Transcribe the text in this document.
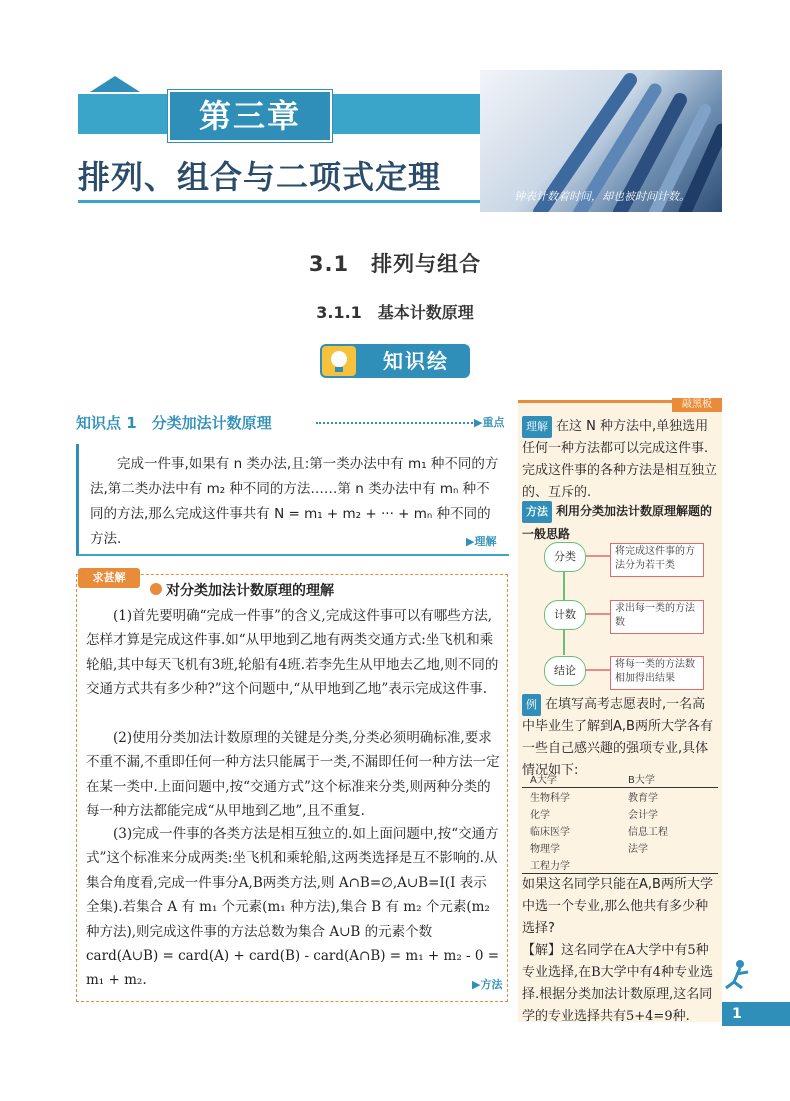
第三章
排列、组合与二项式定理
钟表计数着时间，却也被时间计数。
3.1　排列与组合
3.1.1　基本计数原理
知识绘
知识点 1　分类加法计数原理	▶重点
完成一件事,如果有 n 类办法,且:第一类办法中有 m₁ 种不同的方法,第二类办法中有 m₂ 种不同的方法……第 n 类办法中有 mₙ 种不同的方法,那么完成这件事共有 N = m₁ + m₂ + ··· + mₙ 种不同的方法.	▶理解
求甚解
对分类加法计数原理的理解
(1)首先要明确“完成一件事”的含义,完成这件事可以有哪些方法,怎样才算是完成这件事.如“从甲地到乙地有两类交通方式:坐飞机和乘轮船,其中每天飞机有3班,轮船有4班.若李先生从甲地去乙地,则不同的交通方式共有多少种?”这个问题中,“从甲地到乙地”表示完成这件事.
(2)使用分类加法计数原理的关键是分类,分类必须明确标准,要求不重不漏,不重即任何一种方法只能属于一类,不漏即任何一种方法一定在某一类中.上面问题中,按“交通方式”这个标准来分类,则两种分类的每一种方法都能完成“从甲地到乙地”,且不重复.
(3)完成一件事的各类方法是相互独立的.如上面问题中,按“交通方式”这个标准来分成两类:坐飞机和乘轮船,这两类选择是互不影响的.从集合角度看,完成一件事分A,B两类方法,则 A∩B=∅,A∪B=I(I 表示全集).若集合 A 有 m₁ 个元素(m₁ 种方法),集合 B 有 m₂ 个元素(m₂ 种方法),则完成这件事的方法总数为集合 A∪B 的元素个数 card(A∪B) = card(A) + card(B) - card(A∩B) = m₁ + m₂ - 0 = m₁ + m₂.	▶方法
敲黑板
理解 在这 N 种方法中,单独选用任何一种方法都可以完成这件事.完成这件事的各种方法是相互独立的、互斥的.
方法 利用分类加法计数原理解题的一般思路
分类	将完成这件事的方法分为若干类
计数	求出每一类的方法数
结论	将每一类的方法数相加得出结果
例 在填写高考志愿表时,一名高中毕业生了解到A,B两所大学各有一些自己感兴趣的强项专业,具体情况如下:
A大学	B大学
生物科学	教育学
化学	会计学
临床医学	信息工程
物理学	法学
工程力学	
如果这名同学只能在A,B两所大学中选一个专业,那么他共有多少种选择?
【解】这名同学在A大学中有5种专业选择,在B大学中有4种专业选择.根据分类加法计数原理,这名同学的专业选择共有5+4=9种.	1
